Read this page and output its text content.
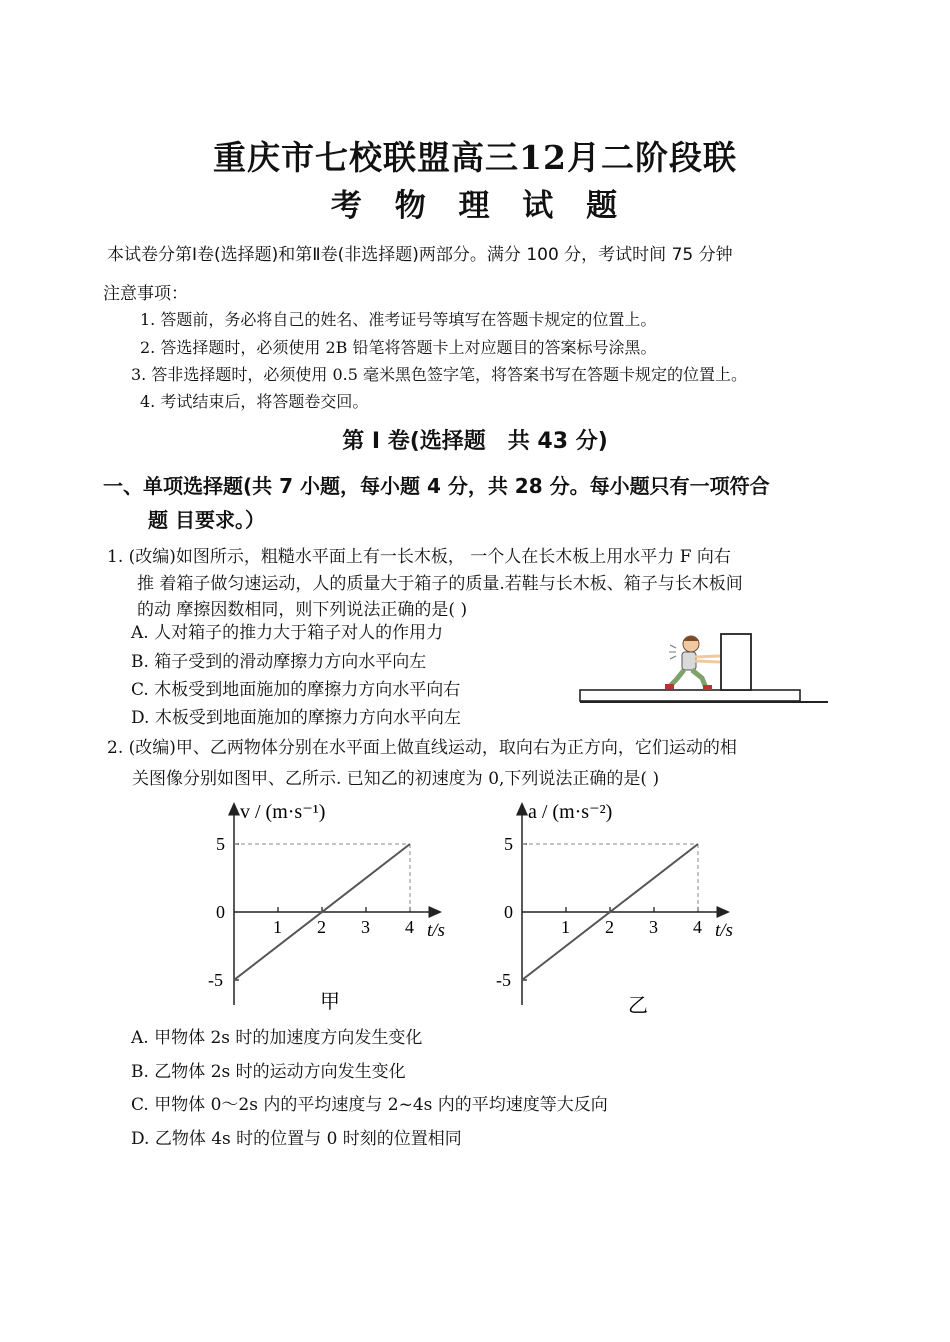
重庆市七校联盟高三12月二阶段联
考 物 理 试 题
本试卷分第Ⅰ卷(选择题)和第Ⅱ卷(非选择题)两部分。满分 100 分，考试时间 75 分钟
注意事项：
1. 答题前，务必将自己的姓名、准考证号等填写在答题卡规定的位置上。
2. 答选择题时，必须使用 2B 铅笔将答题卡上对应题目的答案标号涂黑。
3. 答非选择题时，必须使用 0.5 毫米黑色签字笔，将答案书写在答题卡规定的位置上。
4. 考试结束后，将答题卷交回。
第 I 卷(选择题　共 43 分)
一、单项选择题(共 7 小题，每小题 4 分，共 28 分。每小题只有一项符合
题 目要求。）
1. (改编)如图所示，粗糙水平面上有一长木板， 一个人在长木板上用水平力 F 向右
推 着箱子做匀速运动，人的质量大于箱子的质量.若鞋与长木板、箱子与长木板间
的动 摩擦因数相同，则下列说法正确的是( )
A. 人对箱子的推力大于箱子对人的作用力
B. 箱子受到的滑动摩擦力方向水平向左
C. 木板受到地面施加的摩擦力方向水平向右
D. 木板受到地面施加的摩擦力方向水平向左
2. (改编)甲、乙两物体分别在水平面上做直线运动，取向右为正方向，它们运动的相
关图像分别如图甲、乙所示. 已知乙的初速度为 0,下列说法正确的是( )
1 2 3 4
5
0
-5
v / (m·s⁻¹)
t/s
甲
1 2 3 4
5
0
-5
a / (m·s⁻²)
t/s
乙
A. 甲物体 2s 时的加速度方向发生变化
B. 乙物体 2s 时的运动方向发生变化
C. 甲物体 0～2s 内的平均速度与 2~4s 内的平均速度等大反向
D. 乙物体 4s 时的位置与 0 时刻的位置相同
